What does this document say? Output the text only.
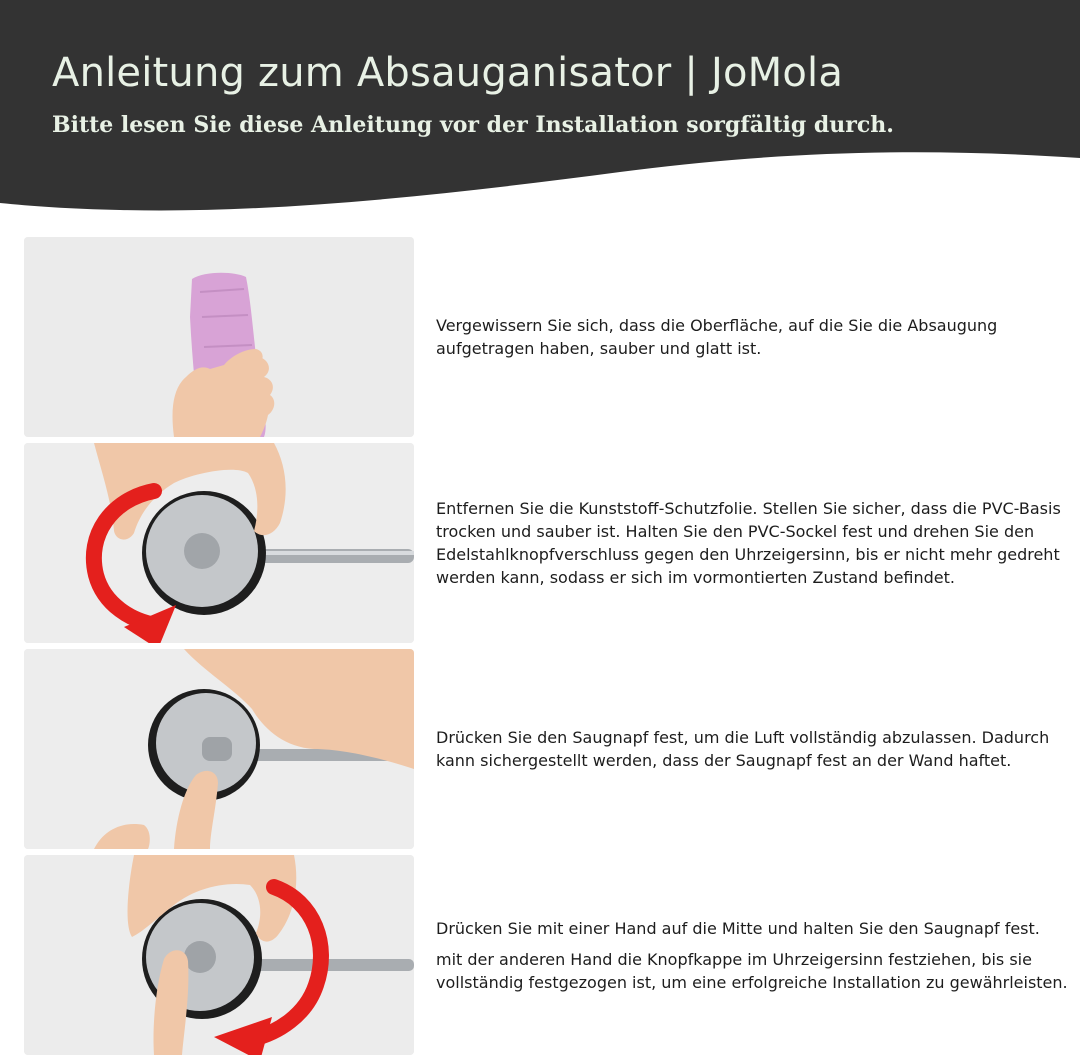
Anleitung zum Absauganisator | JoMola
Bitte lesen Sie diese Anleitung vor der Installation sorgfältig durch.

Vergewissern Sie sich, dass die Oberfläche, auf die Sie die Absaugung aufgetragen haben, sauber und glatt ist.

Entfernen Sie die Kunststoff-Schutzfolie. Stellen Sie sicher, dass die PVC-Basis trocken und sauber ist. Halten Sie den PVC-Sockel fest und drehen Sie den Edelstahlknopfverschluss gegen den Uhrzeigersinn, bis er nicht mehr gedreht werden kann, sodass er sich im vormontierten Zustand befindet.

Drücken Sie den Saugnapf fest, um die Luft vollständig abzulassen. Dadurch kann sichergestellt werden, dass der Saugnapf fest an der Wand haftet.

Drücken Sie mit einer Hand auf die Mitte und halten Sie den Saugnapf fest.

mit der anderen Hand die Knopfkappe im Uhrzeigersinn festziehen, bis sie vollständig festgezogen ist, um eine erfolgreiche Installation zu gewährleisten.
